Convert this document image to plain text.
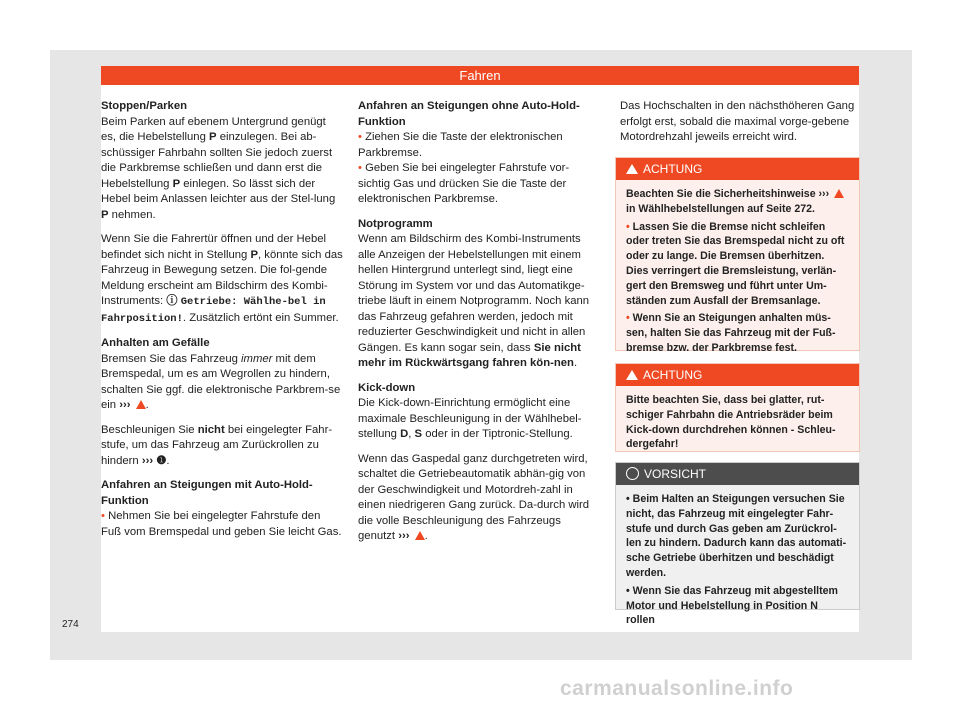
Fahren
Stoppen/Parken

Beim Parken auf ebenem Untergrund genügt es, die Hebelstellung P einzulegen. Bei ab-schüssiger Fahrbahn sollten Sie jedoch zuerst die Parkbremse schließen und dann erst die Hebelstellung P einlegen. So lässt sich der Hebel beim Anlassen leichter aus der Stel-lung P nehmen.

Wenn Sie die Fahrertür öffnen und der Hebel befindet sich nicht in Stellung P, könnte sich das Fahrzeug in Bewegung setzen. Die fol-gende Meldung erscheint am Bildschirm des Kombi-Instruments: ⓘ Getriebe: Wählhe-bel in Fahrposition!. Zusätzlich ertönt ein Summer.

Anhalten am Gefälle

Bremsen Sie das Fahrzeug immer mit dem Bremspedal, um es am Wegrollen zu hindern, schalten Sie ggf. die elektronische Parkbrem-se ein ››› .

Beschleunigen Sie nicht bei eingelegter Fahr-stufe, um das Fahrzeug am Zurückrollen zu hindern ››› ❶.

Anfahren an Steigungen mit Auto-Hold-Funktion

• Nehmen Sie bei eingelegter Fahrstufe den Fuß vom Bremspedal und geben Sie leicht Gas.

Anfahren an Steigungen ohne Auto-Hold-Funktion

• Ziehen Sie die Taste der elektronischen Parkbremse.

• Geben Sie bei eingelegter Fahrstufe vor-sichtig Gas und drücken Sie die Taste der elektronischen Parkbremse.

Notprogramm

Wenn am Bildschirm des Kombi-Instruments alle Anzeigen der Hebelstellungen mit einem hellen Hintergrund unterlegt sind, liegt eine Störung im System vor und das Automatikge-triebe läuft in einem Notprogramm. Noch kann das Fahrzeug gefahren werden, jedoch mit reduzierter Geschwindigkeit und nicht in allen Gängen. Es kann sogar sein, dass Sie nicht mehr im Rückwärtsgang fahren kön-nen.

Kick-down

Die Kick-down-Einrichtung ermöglicht eine maximale Beschleunigung in der Wählhebel-stellung D, S oder in der Tiptronic-Stellung.

Wenn das Gaspedal ganz durchgetreten wird, schaltet die Getriebeautomatik abhän-gig von der Geschwindigkeit und Motordreh-zahl in einen niedrigeren Gang zurück. Da-durch wird die volle Beschleunigung des Fahrzeugs genutzt ››› .

Das Hochschalten in den nächsthöheren Gang erfolgt erst, sobald die maximal vorge-gebene Motordrehzahl jeweils erreicht wird.

ACHTUNG

Beachten Sie die Sicherheitshinweise ›››  in Wählhebelstellungen auf Seite 272.

• Lassen Sie die Bremse nicht schleifen oder treten Sie das Bremspedal nicht zu oft oder zu lange. Die Bremsen überhitzen. Dies verringert die Bremsleistung, verlän-gert den Bremsweg und führt unter Um-ständen zum Ausfall der Bremsanlage.

• Wenn Sie an Steigungen anhalten müs-sen, halten Sie das Fahrzeug mit der Fuß-bremse bzw. der Parkbremse fest.

ACHTUNG

Bitte beachten Sie, dass bei glatter, rut-schiger Fahrbahn die Antriebsräder beim Kick-down durchdrehen können - Schleu-dergefahr!

VORSICHT

• Beim Halten an Steigungen versuchen Sie nicht, das Fahrzeug mit eingelegter Fahr-stufe und durch Gas geben am Zurückrol-len zu hindern. Dadurch kann das automati-sche Getriebe überhitzen und beschädigt werden.

• Wenn Sie das Fahrzeug mit abgestelltem Motor und Hebelstellung in Position N rollen

274
carmanualsonline.info
